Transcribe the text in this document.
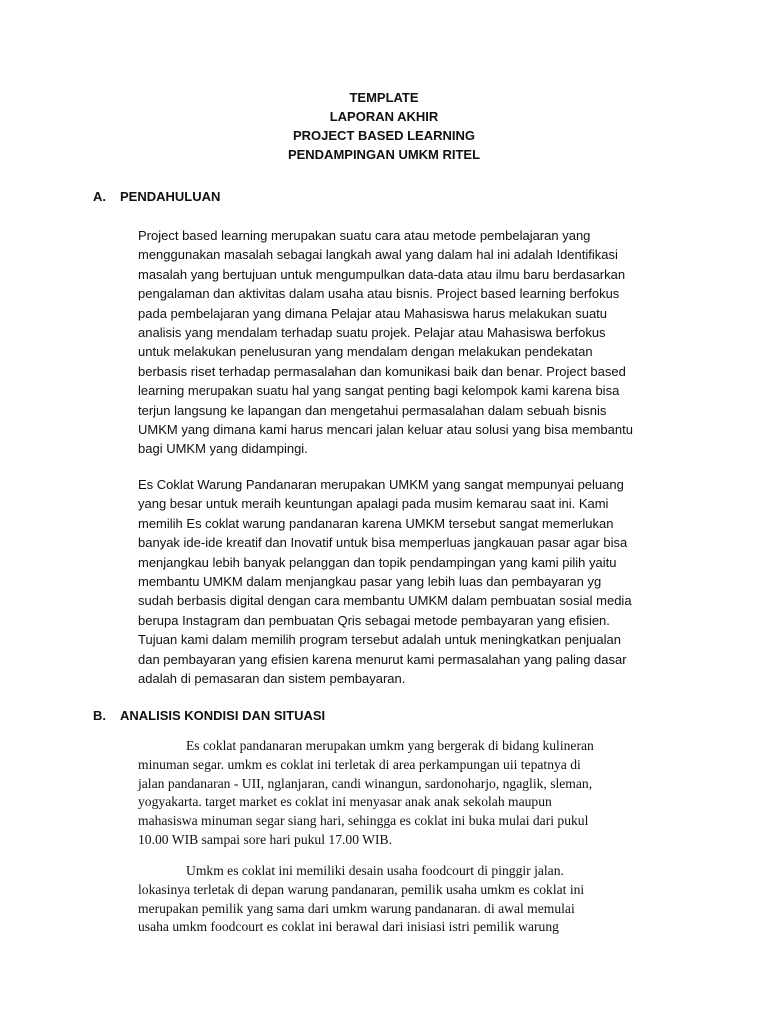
TEMPLATE
LAPORAN AKHIR
PROJECT BASED LEARNING
PENDAMPINGAN UMKM RITEL
A. PENDAHULUAN
Project based learning merupakan suatu cara atau metode pembelajaran yang
menggunakan masalah sebagai langkah awal yang dalam hal ini adalah Identifikasi
masalah yang bertujuan untuk mengumpulkan data-data atau ilmu baru berdasarkan
pengalaman dan aktivitas dalam usaha atau bisnis. Project based learning berfokus
pada pembelajaran yang dimana Pelajar atau Mahasiswa harus melakukan suatu
analisis yang mendalam terhadap suatu projek. Pelajar atau Mahasiswa berfokus
untuk melakukan penelusuran yang mendalam dengan melakukan pendekatan
berbasis riset terhadap permasalahan dan komunikasi baik dan benar. Project based
learning merupakan suatu hal yang sangat penting bagi kelompok kami karena bisa
terjun langsung ke lapangan dan mengetahui permasalahan dalam sebuah bisnis
UMKM yang dimana kami harus mencari jalan keluar atau solusi yang bisa membantu
bagi UMKM yang didampingi.
Es Coklat Warung Pandanaran merupakan UMKM yang sangat mempunyai peluang
yang besar untuk meraih keuntungan apalagi pada musim kemarau saat ini. Kami
memilih Es coklat warung pandanaran karena UMKM tersebut sangat memerlukan
banyak ide-ide kreatif dan Inovatif untuk bisa memperluas jangkauan pasar agar bisa
menjangkau lebih banyak pelanggan dan topik pendampingan yang kami pilih yaitu
membantu UMKM dalam menjangkau pasar yang lebih luas dan pembayaran yg
sudah berbasis digital dengan cara membantu UMKM dalam pembuatan sosial media
berupa Instagram dan pembuatan Qris sebagai metode pembayaran yang efisien.
Tujuan kami dalam memilih program tersebut adalah untuk meningkatkan penjualan
dan pembayaran yang efisien karena menurut kami permasalahan yang paling dasar
adalah di pemasaran dan sistem pembayaran.
B. ANALISIS KONDISI DAN SITUASI
Es coklat pandanaran merupakan umkm yang bergerak di bidang kulineran
minuman segar. umkm es coklat ini terletak di area perkampungan uii tepatnya di
jalan pandanaran - UII, nglanjaran, candi winangun, sardonoharjo, ngaglik, sleman,
yogyakarta. target market es coklat ini menyasar anak anak sekolah maupun
mahasiswa minuman segar siang hari, sehingga es coklat ini buka mulai dari pukul
10.00 WIB sampai sore hari pukul 17.00 WIB.
Umkm es coklat ini memiliki desain usaha foodcourt di pinggir jalan.
lokasinya terletak di depan warung pandanaran, pemilik usaha umkm es coklat ini
merupakan pemilik yang sama dari umkm warung pandanaran. di awal memulai
usaha umkm foodcourt es coklat ini berawal dari inisiasi istri pemilik warung
